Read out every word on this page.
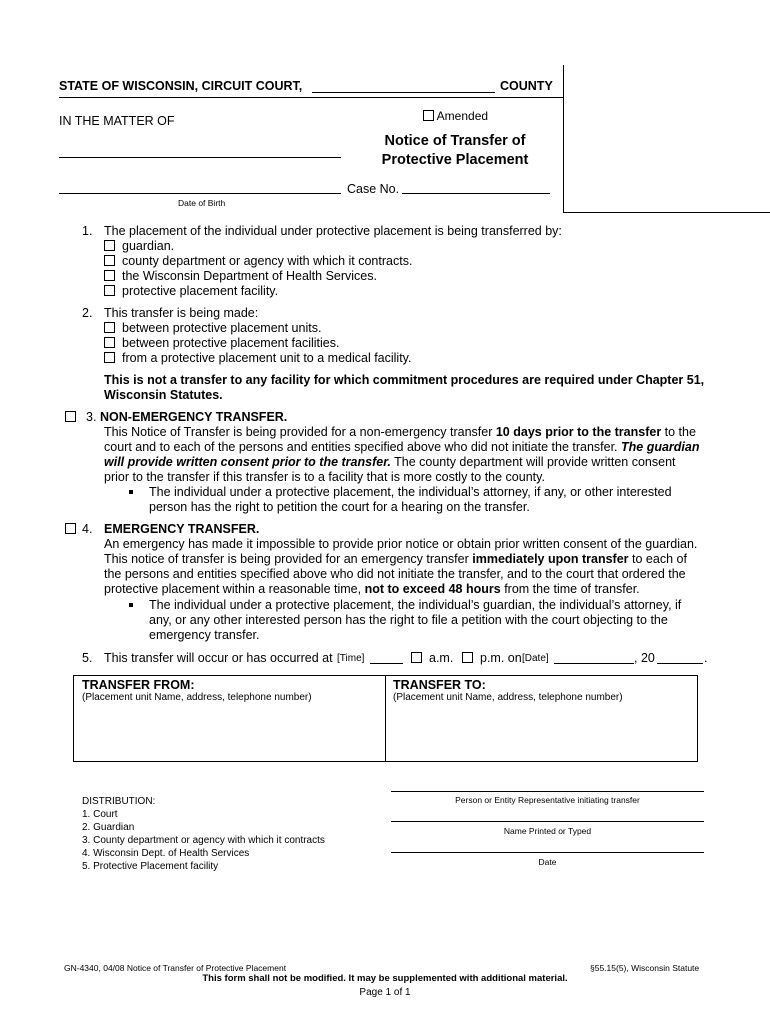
STATE OF WISCONSIN, CIRCUIT COURT,	COUNTY
IN THE MATTER OF	Amended
Notice of Transfer of
Protective Placement
Date of Birth
Case No.
1. The placement of the individual under protective placement is being transferred by:
guardian.
county department or agency with which it contracts.
the Wisconsin Department of Health Services.
protective placement facility.
2. This transfer is being made:
between protective placement units.
between protective placement facilities.
from a protective placement unit to a medical facility.
This is not a transfer to any facility for which commitment procedures are required under Chapter 51,
Wisconsin Statutes.
3. NON-EMERGENCY TRANSFER.
This Notice of Transfer is being provided for a non-emergency transfer 10 days prior to the transfer to the
court and to each of the persons and entities specified above who did not initiate the transfer. The guardian
will provide written consent prior to the transfer. The county department will provide written consent
prior to the transfer if this transfer is to a facility that is more costly to the county.
The individual under a protective placement, the individual’s attorney, if any, or other interested
person has the right to petition the court for a hearing on the transfer.
4. EMERGENCY TRANSFER.
An emergency has made it impossible to provide prior notice or obtain prior written consent of the guardian.
This notice of transfer is being provided for an emergency transfer immediately upon transfer to each of
the persons and entities specified above who did not initiate the transfer, and to the court that ordered the
protective placement within a reasonable time, not to exceed 48 hours from the time of transfer.
The individual under a protective placement, the individual’s guardian, the individual’s attorney, if
any, or any other interested person has the right to file a petition with the court objecting to the
emergency transfer.
5. This transfer will occur or has occurred at [Time]	a.m.	p.m. on [Date]	, 20	.
TRANSFER FROM:
(Placement unit Name, address, telephone number)
TRANSFER TO:
(Placement unit Name, address, telephone number)
DISTRIBUTION:
1. Court
2. Guardian
3. County department or agency with which it contracts
4. Wisconsin Dept. of Health Services
5. Protective Placement facility
Person or Entity Representative initiating transfer
Name Printed or Typed
Date
GN-4340, 04/08 Notice of Transfer of Protective Placement	§55.15(5), Wisconsin Statute
This form shall not be modified. It may be supplemented with additional material.
Page 1 of 1
